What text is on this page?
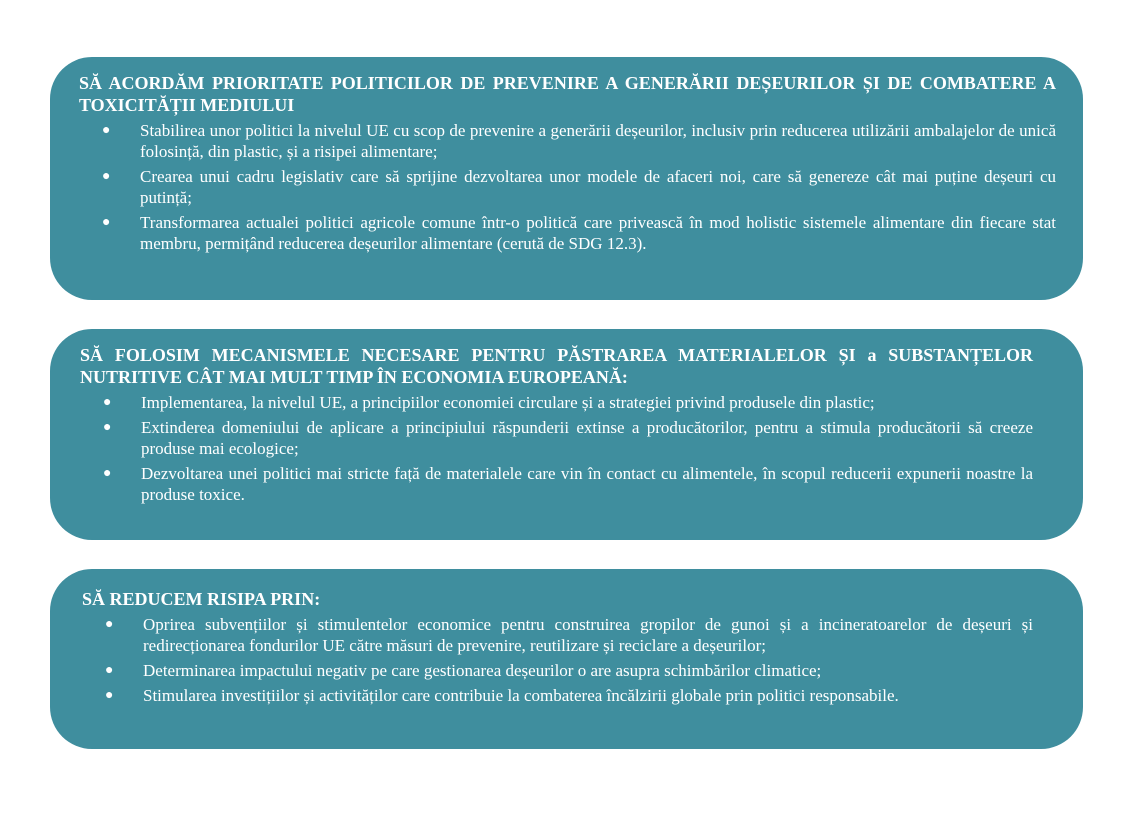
SĂ ACORDĂM PRIORITATE POLITICILOR DE PREVENIRE A GENERĂRII DEȘEURILOR ȘI DE COMBATERE A TOXICITĂȚII MEDIULUI
● Stabilirea unor politici la nivelul UE cu scop de prevenire a generării deșeurilor, inclusiv prin reducerea utilizării ambalajelor de unică folosință, din plastic, și a risipei alimentare;
● Crearea unui cadru legislativ care să sprijine dezvoltarea unor modele de afaceri noi, care să genereze cât mai puține deșeuri cu putință;
● Transformarea actualei politici agricole comune într-o politică care privească în mod holistic sistemele alimentare din fiecare stat membru, permițând reducerea deșeurilor alimentare (cerută de SDG 12.3).
SĂ FOLOSIM MECANISMELE NECESARE PENTRU PĂSTRAREA MATERIALELOR ȘI a SUBSTANȚELOR NUTRITIVE CÂT MAI MULT TIMP ÎN ECONOMIA EUROPEANĂ:
● Implementarea, la nivelul UE, a principiilor economiei circulare și a strategiei privind produsele din plastic;
● Extinderea domeniului de aplicare a principiului răspunderii extinse a producătorilor, pentru a stimula producătorii să creeze produse mai ecologice;
● Dezvoltarea unei politici mai stricte față de materialele care vin în contact cu alimentele, în scopul reducerii expunerii noastre la produse toxice.
SĂ REDUCEM RISIPA PRIN:
● Oprirea subvențiilor și stimulentelor economice pentru construirea gropilor de gunoi și a incineratoarelor de deșeuri și redirecționarea fondurilor UE către măsuri de prevenire, reutilizare și reciclare a deșeurilor;
● Determinarea impactului negativ pe care gestionarea deșeurilor o are asupra schimbărilor climatice;
● Stimularea investițiilor și activităților care contribuie la combaterea încălzirii globale prin politici responsabile.
